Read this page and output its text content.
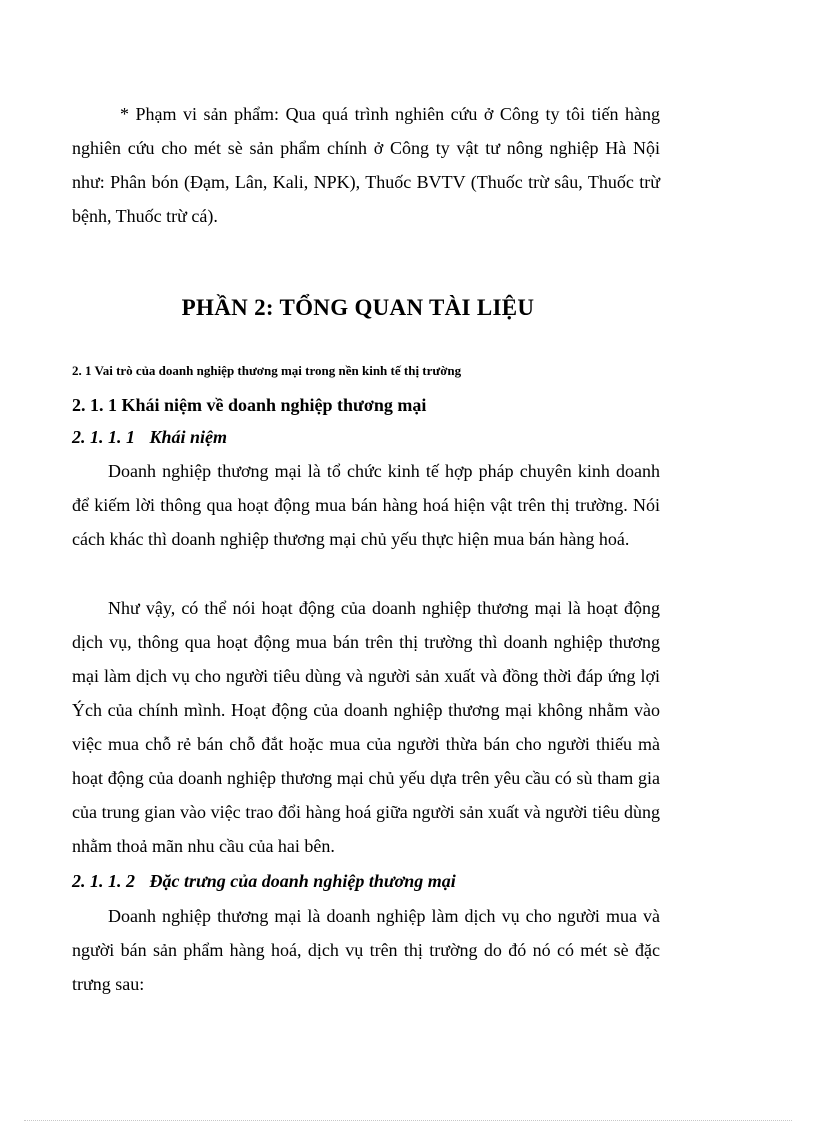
* Phạm vi sản phẩm: Qua quá trình nghiên cứu ở Công ty tôi tiến hàng nghiên cứu cho mét sè sản phẩm chính ở Công ty vật tư nông nghiệp Hà Nội như: Phân bón (Đạm, Lân, Kali, NPK), Thuốc BVTV (Thuốc trừ sâu, Thuốc trừ bệnh, Thuốc trừ cá).

PHẦN 2: TỔNG QUAN TÀI LIỆU
2. 1 Vai trò của doanh nghiệp thương mại trong nền kinh tế thị trường
2. 1. 1 Khái niệm về doanh nghiệp thương mại
2. 1. 1. 1 Khái niệm

Doanh nghiệp thương mại là tổ chức kinh tế hợp pháp chuyên kinh doanh để kiếm lời thông qua hoạt động mua bán hàng hoá hiện vật trên thị trường. Nói cách khác thì doanh nghiệp thương mại chủ yếu thực hiện mua bán hàng hoá.

Như vậy, có thể nói hoạt động của doanh nghiệp thương mại là hoạt động dịch vụ, thông qua hoạt động mua bán trên thị trường thì doanh nghiệp thương mại làm dịch vụ cho người tiêu dùng và người sản xuất và đồng thời đáp ứng lợi Ých của chính mình. Hoạt động của doanh nghiệp thương mại không nhằm vào việc mua chỗ rẻ bán chỗ đắt hoặc mua của người thừa bán cho người thiếu mà hoạt động của doanh nghiệp thương mại chủ yếu dựa trên yêu cầu có sù tham gia của trung gian vào việc trao đổi hàng hoá giữa người sản xuất và người tiêu dùng nhằm thoả mãn nhu cầu của hai bên.

2. 1. 1. 2 Đặc trưng của doanh nghiệp thương mại

Doanh nghiệp thương mại là doanh nghiệp làm dịch vụ cho người mua và người bán sản phẩm hàng hoá, dịch vụ trên thị trường do đó nó có mét sè đặc trưng sau:
